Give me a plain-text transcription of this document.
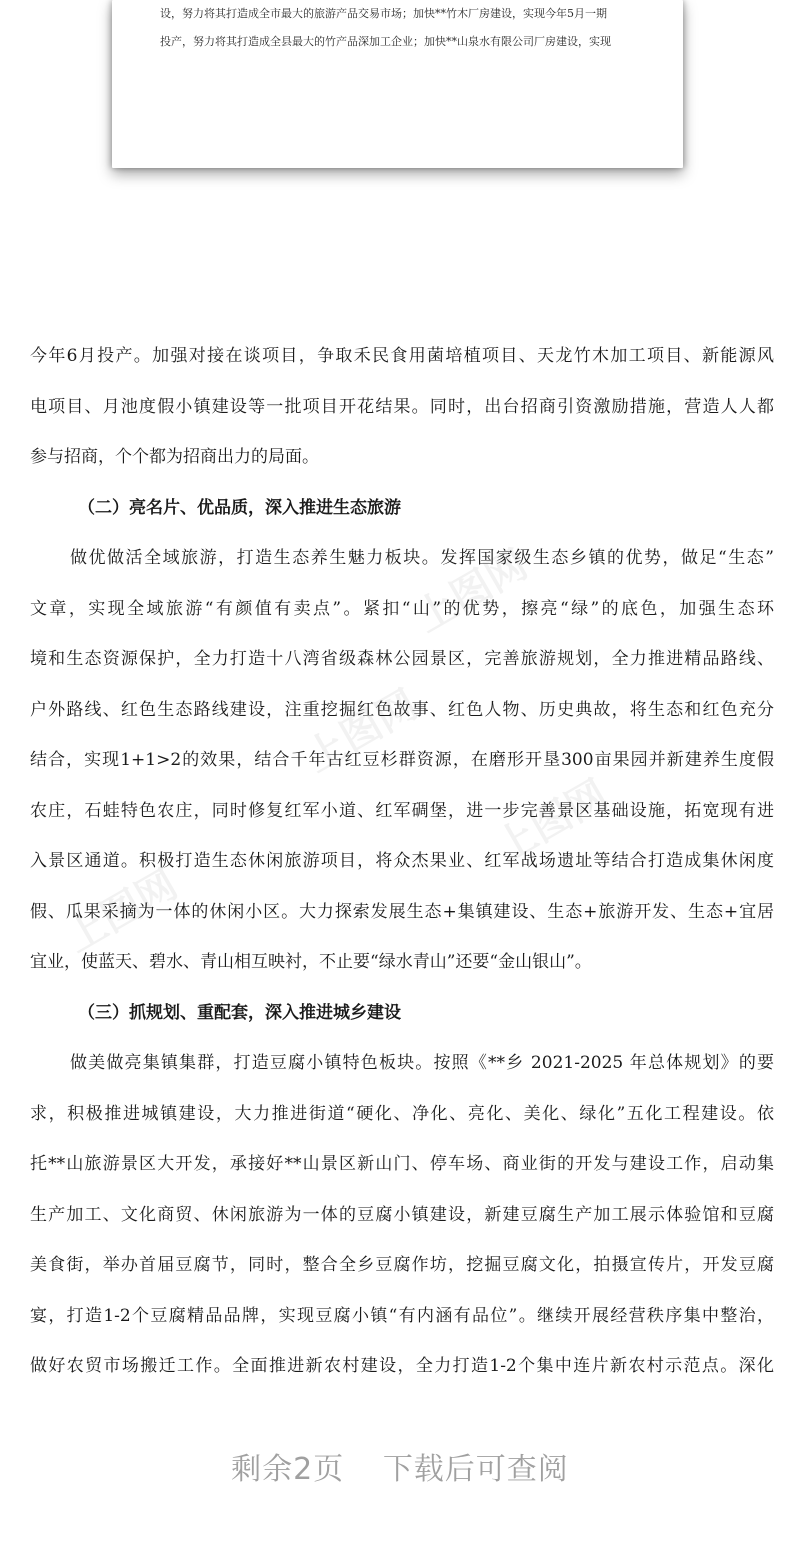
设，努力将其打造成全市最大的旅游产品交易市场；加快**竹木厂房建设，实现今年5月一期
投产，努力将其打造成全县最大的竹产品深加工企业；加快**山泉水有限公司厂房建设，实现
上图网
上图网
上图网
上图网
今年6月投产。加强对接在谈项目，争取禾民食用菌培植项目、天龙竹木加工项目、新能源风
电项目、月池度假小镇建设等一批项目开花结果。同时，出台招商引资激励措施，营造人人都
参与招商，个个都为招商出力的局面。
（二）亮名片、优品质，深入推进生态旅游
做优做活全域旅游，打造生态养生魅力板块。发挥国家级生态乡镇的优势，做足“生态”
文章，实现全域旅游“有颜值有卖点”。紧扣“山”的优势，擦亮“绿”的底色，加强生态环
境和生态资源保护，全力打造十八湾省级森林公园景区，完善旅游规划，全力推进精品路线、
户外路线、红色生态路线建设，注重挖掘红色故事、红色人物、历史典故，将生态和红色充分
结合，实现1+1>2的效果，结合千年古红豆杉群资源，在磨形开垦300亩果园并新建养生度假
农庄，石蛙特色农庄，同时修复红军小道、红军碉堡，进一步完善景区基础设施，拓宽现有进
入景区通道。积极打造生态休闲旅游项目，将众杰果业、红军战场遗址等结合打造成集休闲度
假、瓜果采摘为一体的休闲小区。大力探索发展生态+集镇建设、生态+旅游开发、生态+宜居
宜业，使蓝天、碧水、青山相互映衬，不止要“绿水青山”还要“金山银山”。
（三）抓规划、重配套，深入推进城乡建设
做美做亮集镇集群，打造豆腐小镇特色板块。按照《**乡 2021-2025 年总体规划》的要
求，积极推进城镇建设，大力推进街道“硬化、净化、亮化、美化、绿化”五化工程建设。依
托**山旅游景区大开发，承接好**山景区新山门、停车场、商业街的开发与建设工作，启动集
生产加工、文化商贸、休闲旅游为一体的豆腐小镇建设，新建豆腐生产加工展示体验馆和豆腐
美食街，举办首届豆腐节，同时，整合全乡豆腐作坊，挖掘豆腐文化，拍摄宣传片，开发豆腐
宴，打造1-2个豆腐精品品牌，实现豆腐小镇“有内涵有品位”。继续开展经营秩序集中整治，
做好农贸市场搬迁工作。全面推进新农村建设，全力打造1-2个集中连片新农村示范点。深化
剩余2页 下载后可查阅
